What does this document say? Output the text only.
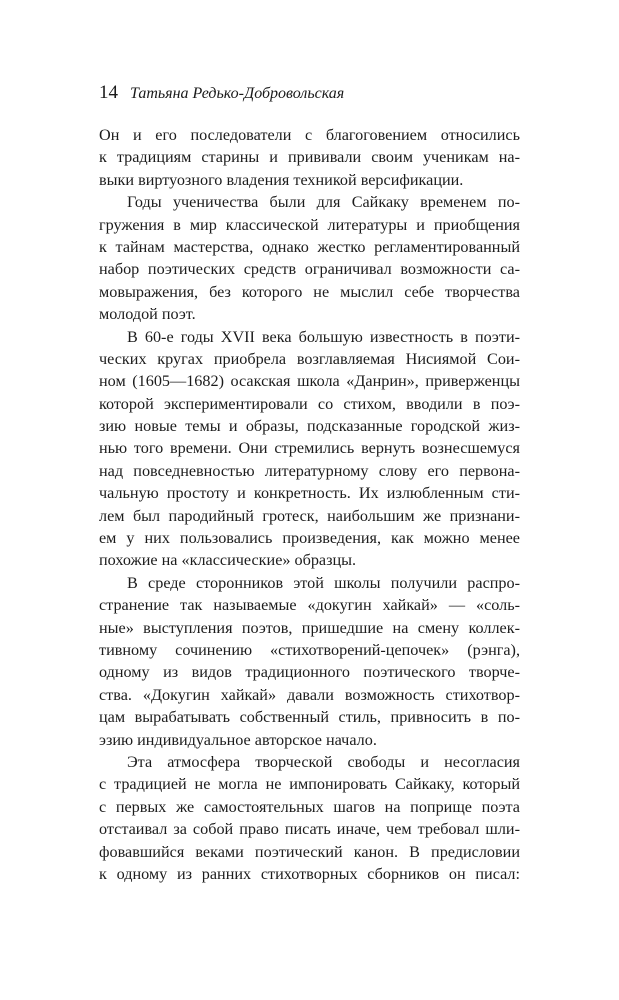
14 Татьяна Редько-Добровольская
Он и его последователи с благоговением относились
к традициям старины и прививали своим ученикам на-
выки виртуозного владения техникой версификации.
Годы ученичества были для Сайкаку временем по-
гружения в мир классической литературы и приобщения
к тайнам мастерства, однако жестко регламентированный
набор поэтических средств ограничивал возможности са-
мовыражения, без которого не мыслил себе творчества
молодой поэт.
В 60-е годы XVII века большую известность в поэти-
ческих кругах приобрела возглавляемая Нисиямой Сои-
ном (1605—1682) осакская школа «Данрин», приверженцы
которой экспериментировали со стихом, вводили в поэ-
зию новые темы и образы, подсказанные городской жиз-
нью того времени. Они стремились вернуть вознесшемуся
над повседневностью литературному слову его первона-
чальную простоту и конкретность. Их излюбленным сти-
лем был пародийный гротеск, наибольшим же признани-
ем у них пользовались произведения, как можно менее
похожие на «классические» образцы.
В среде сторонников этой школы получили распро-
странение так называемые «докугин хайкай» — «соль-
ные» выступления поэтов, пришедшие на смену коллек-
тивному сочинению «стихотворений-цепочек» (рэнга),
одному из видов традиционного поэтического творче-
ства. «Докугин хайкай» давали возможность стихотвор-
цам вырабатывать собственный стиль, привносить в по-
эзию индивидуальное авторское начало.
Эта атмосфера творческой свободы и несогласия
с традицией не могла не импонировать Сайкаку, который
с первых же самостоятельных шагов на поприще поэта
отстаивал за собой право писать иначе, чем требовал шли-
фовавшийся веками поэтический канон. В предисловии
к одному из ранних стихотворных сборников он писал:
